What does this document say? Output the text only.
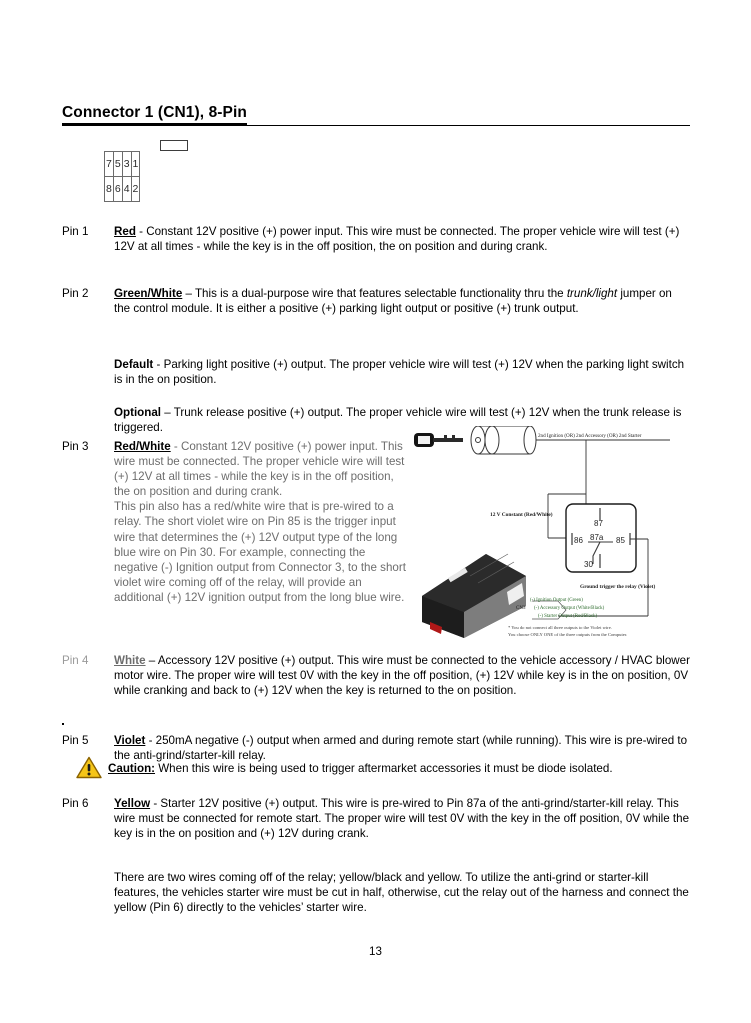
Connector 1 (CN1), 8-Pin
7	5	3	1
8	6	4	2
Pin 1	Red - Constant 12V positive (+) power input. This wire must be connected. The proper vehicle wire will test (+) 12V at all times - while the key is in the off position, the on position and during crank.

Pin 2	Green/White – This is a dual-purpose wire that features selectable functionality thru the trunk/light jumper on the control module. It is either a positive (+) parking light output or positive (+) trunk output.

Default - Parking light positive (+) output. The proper vehicle wire will test (+) 12V when the parking light switch is in the on position.

Optional – Trunk release positive (+) output. The proper vehicle wire will test (+) 12V when the trunk release is triggered.

Pin 3	Red/White - Constant 12V positive (+) power input. This wire must be connected. The proper vehicle wire will test (+) 12V at all times - while the key is in the off position, the on position and during crank.

This pin also has a red/white wire that is pre-wired to a relay. The short violet wire on Pin 85 is the trigger input wire that determines the (+) 12V output type of the long blue wire on Pin 30. For example, connecting the negative (-) Ignition output from Connector 3, to the short violet wire coming off of the relay, will provide an additional (+) 12V ignition output from the long blue wire.

2nd Ignition (OR) 2nd Accessory (OR) 2nd Starter
12 V Constant (Red/White)
87
87a
86	85
30
Ground trigger the relay (Violet)
CN3
(-) Ignition Output (Green)
(-) Accessory Output (White/Black)
(-) Starter Output (Red/Black)
* You do not connect all three outputs to the Violet wire.
You choose ONLY ONE of the three outputs from the Computer.
Pin 4	White – Accessory 12V positive (+) output. This wire must be connected to the vehicle accessory / HVAC blower motor wire. The proper wire will test 0V with the key in the off position, (+) 12V while key is in the on position, 0V while cranking and back to (+) 12V when the key is returned to the on position.

Pin 5	Violet - 250mA negative (-) output when armed and during remote start (while running). This wire is pre-wired to the anti-grind/starter-kill relay.

Caution: When this wire is being used to trigger aftermarket accessories it must be diode isolated.
Pin 6	Yellow - Starter 12V positive (+) output. This wire is pre-wired to Pin 87a of the anti-grind/starter-kill relay. This wire must be connected for remote start. The proper wire will test 0V with the key in the off position, 0V while the key is in the on position and (+) 12V during crank.

There are two wires coming off of the relay; yellow/black and yellow. To utilize the anti-grind or starter-kill features, the vehicles starter wire must be cut in half, otherwise, cut the relay out of the harness and connect the yellow (Pin 6) directly to the vehicles’ starter wire.

13
